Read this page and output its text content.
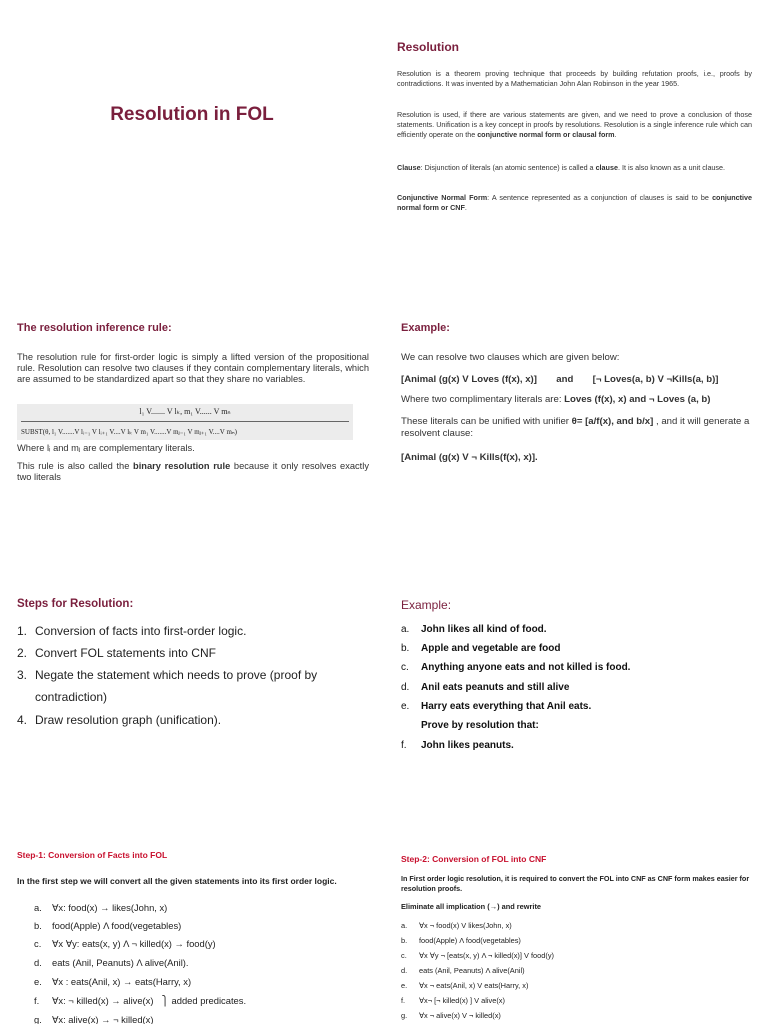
Resolution in FOL
Resolution
Resolution is a theorem proving technique that proceeds by building refutation proofs, i.e., proofs by contradictions. It was invented by a Mathematician John Alan Robinson in the year 1965.
Resolution is used, if there are various statements are given, and we need to prove a conclusion of those statements. Unification is a key concept in proofs by resolutions. Resolution is a single inference rule which can efficiently operate on the conjunctive normal form or clausal form.
Clause: Disjunction of literals (an atomic sentence) is called a clause. It is also known as a unit clause.
Conjunctive Normal Form: A sentence represented as a conjunction of clauses is said to be conjunctive normal form or CNF.
The resolution inference rule:
The resolution rule for first-order logic is simply a lifted version of the propositional rule. Resolution can resolve two clauses if they contain complementary literals, which are assumed to be standardized apart so that they share no variables.
l₁ V....... V lₖ, m₁ V...... V mₙ
SUBST(θ, l₁ V.......V lᵢ₋₁ V lᵢ₊₁ V....V lₖ V m₁ V.......V mⱼ₋₁ V mⱼ₊₁ V....V mₙ)
Where lᵢ and mⱼ are complementary literals.
This rule is also called the binary resolution rule because it only resolves exactly two literals
Example:
We can resolve two clauses which are given below:
[Animal (g(x) V Loves (f(x), x)] and [¬ Loves(a, b) V ¬Kills(a, b)]
Where two complimentary literals are: Loves (f(x), x) and ¬ Loves (a, b)
These literals can be unified with unifier θ= [a/f(x), and b/x] , and it will generate a resolvent clause:
[Animal (g(x) V ¬ Kills(f(x), x)].
Steps for Resolution:
1. Conversion of facts into first-order logic.
2. Convert FOL statements into CNF
3. Negate the statement which needs to prove (proof by
contradiction)
4. Draw resolution graph (unification).
Example:
a. John likes all kind of food.
b. Apple and vegetable are food
c. Anything anyone eats and not killed is food.
d. Anil eats peanuts and still alive
e. Harry eats everything that Anil eats.
Prove by resolution that:
f. John likes peanuts.
Step-1: Conversion of Facts into FOL
In the first step we will convert all the given statements into its first order logic.
a. ∀x: food(x) → likes(John, x)
b. food(Apple) Λ food(vegetables)
c. ∀x ∀y: eats(x, y) Λ ¬ killed(x) → food(y)
d. eats (Anil, Peanuts) Λ alive(Anil).
e. ∀x : eats(Anil, x) → eats(Harry, x)
f. ∀x: ¬ killed(x) → alive(x) ⎫ added predicates.
g. ∀x: alive(x) → ¬ killed(x)
Step-2: Conversion of FOL into CNF
In First order logic resolution, it is required to convert the FOL into CNF as CNF form makes easier for resolution proofs.
Eliminate all implication (→) and rewrite
a. ∀x ¬ food(x) V likes(John, x)
b. food(Apple) Λ food(vegetables)
c. ∀x ∀y ¬ [eats(x, y) Λ ¬ killed(x)] V food(y)
d. eats (Anil, Peanuts) Λ alive(Anil)
e. ∀x ¬ eats(Anil, x) V eats(Harry, x)
f. ∀x¬ [¬ killed(x) ] V alive(x)
g. ∀x ¬ alive(x) V ¬ killed(x)
